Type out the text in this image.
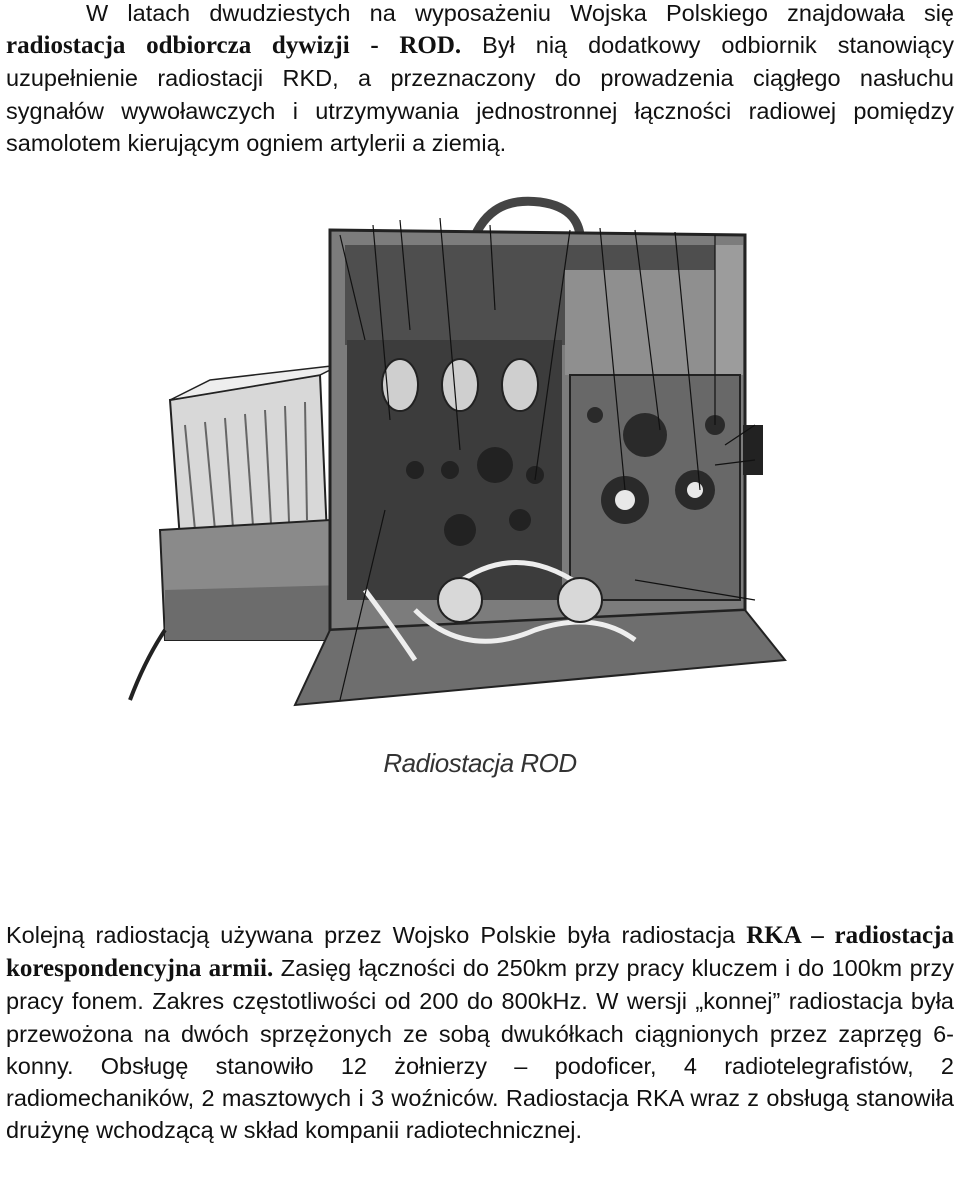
W latach dwudziestych na wyposażeniu Wojska Polskiego znajdowała się radiostacja odbiorcza dywizji - ROD. Był nią dodatkowy odbiornik stanowiący uzupełnienie radiostacji RKD, a przeznaczony do prowadzenia ciągłego nasłuchu sygnałów wywoławczych i utrzymywania jednostronnej łączności radiowej pomiędzy samolotem kierującym ogniem artylerii a ziemią.

Radiostacja ROD

Kolejną radiostacją używana przez Wojsko Polskie była radiostacja RKA – radiostacja korespondencyjna armii. Zasięg łączności do 250km przy pracy kluczem i do 100km przy pracy fonem. Zakres częstotliwości od 200 do 800kHz. W wersji „konnej” radiostacja była przewożona na dwóch sprzężonych ze sobą dwukółkach ciągnionych przez zaprzęg 6-konny. Obsługę stanowiło 12 żołnierzy – podoficer, 4 radiotelegrafistów, 2 radiomechaników, 2 masztowych i 3 woźniców. Radiostacja RKA wraz z obsługą stanowiła drużynę wchodzącą w skład kompanii radiotechnicznej.
